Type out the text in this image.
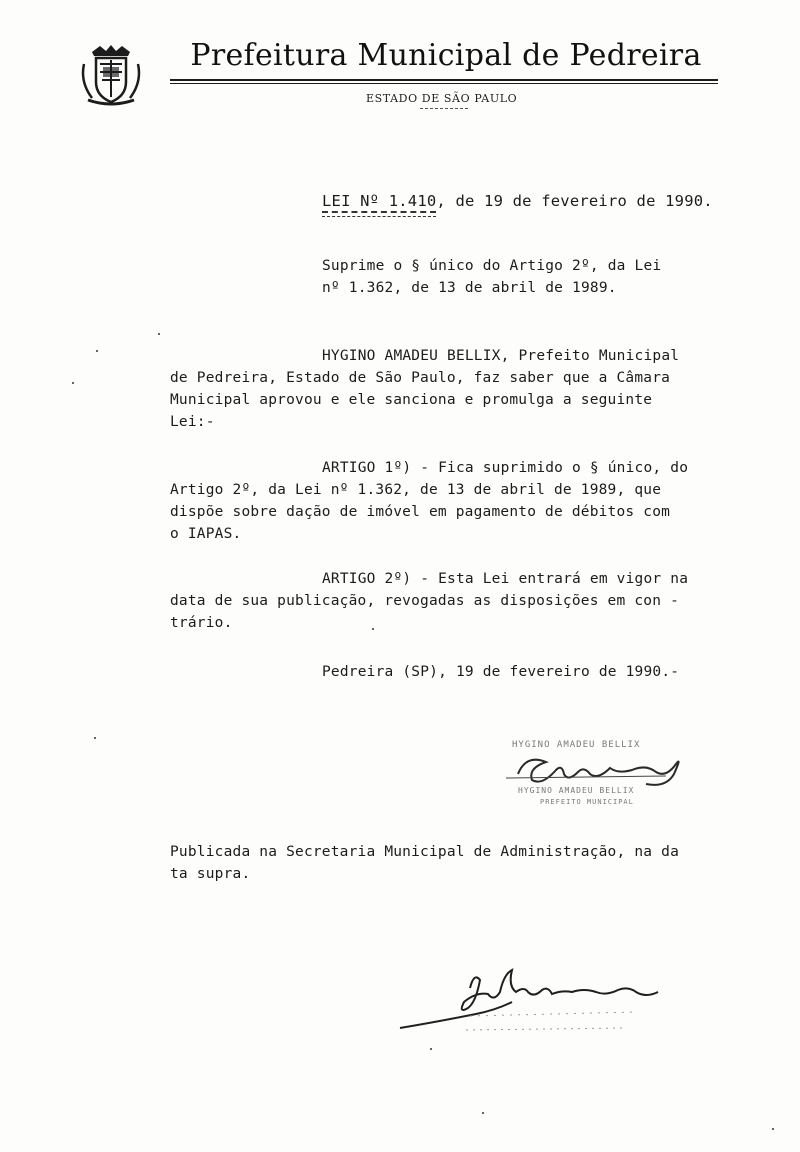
Prefeitura Municipal de Pedreira
ESTADO DE SÃO PAULO
LEI Nº 1.410, de 19 de fevereiro de 1990.
Suprime o § único do Artigo 2º, da Lei
nº 1.362, de 13 de abril de 1989.
HYGINO AMADEU BELLIX, Prefeito Municipal
de Pedreira, Estado de São Paulo, faz saber que a Câmara
Municipal aprovou e ele sanciona e promulga a seguinte
Lei:-
ARTIGO 1º) - Fica suprimido o § único, do
Artigo 2º, da Lei nº 1.362, de 13 de abril de 1989, que
dispõe sobre dação de imóvel em pagamento de débitos com
o IAPAS.
ARTIGO 2º) - Esta Lei entrará em vigor na
data de sua publicação, revogadas as disposições em con -
trário.
Pedreira (SP), 19 de fevereiro de 1990.-
HYGINO AMADEU BELLIX
HYGINO AMADEU BELLIX
PREFEITO MUNICIPAL
Publicada na Secretaria Municipal de Administração, na da
ta supra.
